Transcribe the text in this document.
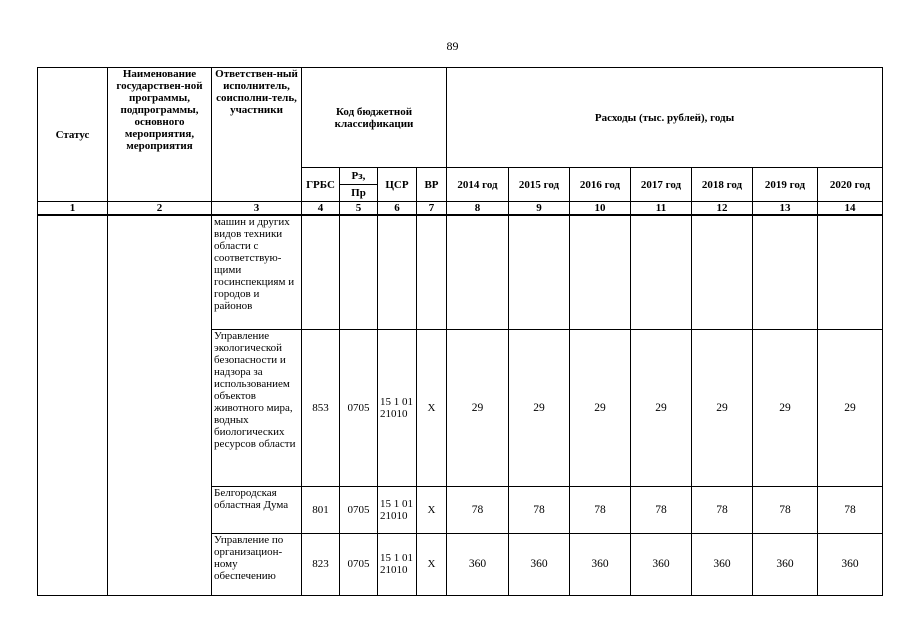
89
Статус	Наименование государствен-ной программы, подпрограммы, основного мероприятия, мероприятия	Ответствен-ный исполнитель, соисполни-тель, участники	Код бюджетной классификации				Расходы (тыс. рублей), годы						
			ГРБС	Рз,	ЦСР	ВР	2014 год	2015 год	2016 год	2017 год	2018 год	2019 год	2020 год
				Пр									
1	2	3	4	5	6	7	8	9	10	11	12	13	14
		машин и других видов техники области с соответствую-щими госинспекциям и городов и районов											
		Управление экологической безопасности и надзора за использованием объектов животного мира, водных биологических ресурсов области	853	0705	15 1 01 21010	Х	29	29	29	29	29	29	29
		Белгородская областная Дума	801	0705	15 1 01 21010	Х	78	78	78	78	78	78	78
		Управление по организацион-ному обеспечению	823	0705	15 1 01 21010	Х	360	360	360	360	360	360	360
